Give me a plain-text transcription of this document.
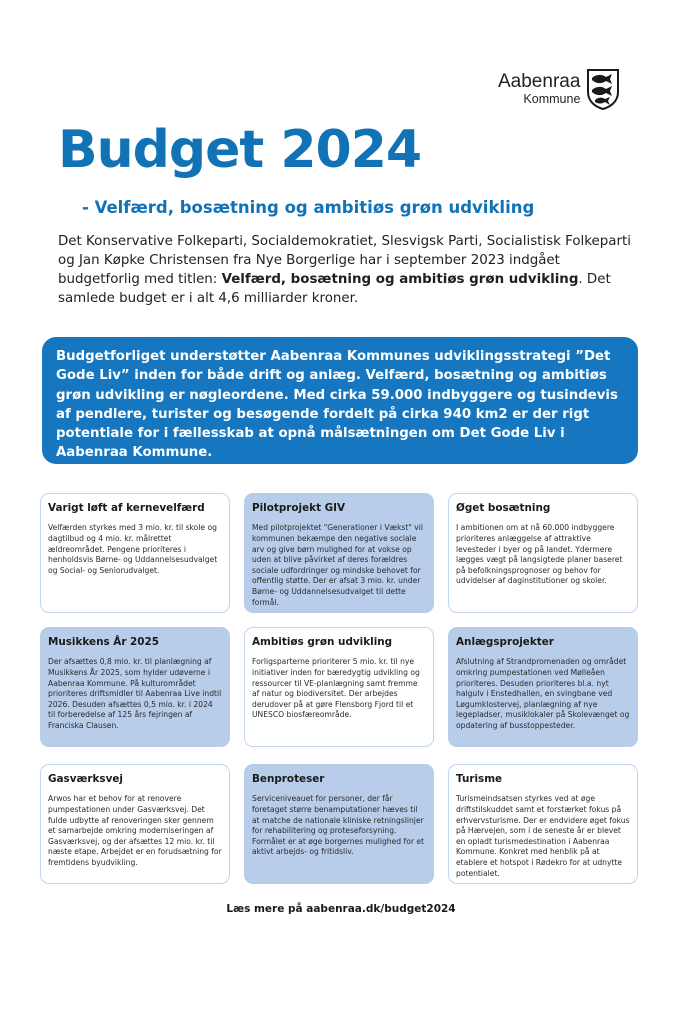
Aabenraa
Kommune
Budget 2024
- Velfærd, bosætning og ambitiøs grøn udvikling

Det Konservative Folkeparti, Socialdemokratiet, Slesvigsk Parti, Socialistisk Folkeparti og Jan Køpke Christensen fra Nye Borgerlige har i september 2023 indgået budgetforlig med titlen: Velfærd, bosætning og ambitiøs grøn udvikling. Det samlede budget er i alt 4,6 milliarder kroner.

Budgetforliget understøtter Aabenraa Kommunes udviklingsstrategi ”Det Gode Liv” inden for både drift og anlæg. Velfærd, bosætning og ambitiøs grøn udvikling er nøgleordene. Med cirka 59.000 indbyggere og tusindevis af pendlere, turister og besøgende fordelt på cirka 940 km2 er der rigt potentiale for i fællesskab at opnå målsætningen om Det Gode Liv i Aabenraa Kommune.
Varigt løft af kernevelfærd

Velfærden styrkes med 3 mio. kr. til skole og dagtilbud og 4 mio. kr. målrettet ældreområdet. Pengene prioriteres i henholdsvis Børne- og Uddannelsesudvalget og Social- og Seniorudvalget.

Pilotprojekt GIV

Med pilotprojektet "Generationer i Vækst" vil kommunen bekæmpe den negative sociale arv og give børn mulighed for at vokse op uden at blive påvirket af deres forældres sociale udfordringer og mindske behovet for offentlig støtte. Der er afsat 3 mio. kr. under Børne- og Uddannelsesudvalget til dette formål.

Øget bosætning

I ambitionen om at nå 60.000 indbyggere prioriteres anlæggelse af attraktive levesteder i byer og på landet. Ydermere lægges vægt på langsigtede planer baseret på befolkningsprognoser og behov for udvidelser af daginstitutioner og skoler.

Musikkens År 2025

Der afsættes 0,8 mio. kr. til planlægning af Musikkens År 2025, som hylder udøverne i Aabenraa Kommune. På kulturområdet prioriteres driftsmidler til Aabenraa Live indtil 2026. Desuden afsættes 0,5 mio. kr. i 2024 til forberedelse af 125 års fejringen af Franciska Clausen.

Ambitiøs grøn udvikling

Forligsparterne prioriterer 5 mio. kr. til nye initiativer inden for bæredygtig udvikling og ressourcer til VE-planlægning samt fremme af natur og biodiversitet. Der arbejdes derudover på at gøre Flensborg Fjord til et UNESCO biosfæreområde.

Anlægsprojekter

Afslutning af Strandpromenaden og området omkring pumpestationen ved Mølleåen prioriteres. Desuden prioriteres bl.a. nyt halgulv i Enstedhallen, en svingbane ved Løgumklostervej, planlægning af nye legepladser, musiklokaler på Skolevænget og opdatering af busstoppesteder.

Gasværksvej

Arwos har et behov for at renovere pumpestationen under Gasværksvej. Det fulde udbytte af renoveringen sker gennem et samarbejde omkring moderniseringen af Gasværksvej, og der afsættes 12 mio. kr. til næste etape. Arbejdet er en forudsætning for fremtidens byudvikling.

Benproteser

Serviceniveauet for personer, der får foretaget større benamputationer hæves til at matche de nationale kliniske retningslinjer for rehabilitering og proteseforsyning. Formålet er at øge borgernes mulighed for et aktivt arbejds- og fritidsliv.

Turisme

Turismeindsatsen styrkes ved at øge driftstilskuddet samt et forstærket fokus på erhvervsturisme. Der er endvidere øget fokus på Hærvejen, som i de seneste år er blevet en opladt turismedestination i Aabenraa Kommune. Konkret med henblik på at etablere et hotspot i Rødekro for at udnytte potentialet.

Læs mere på aabenraa.dk/budget2024
